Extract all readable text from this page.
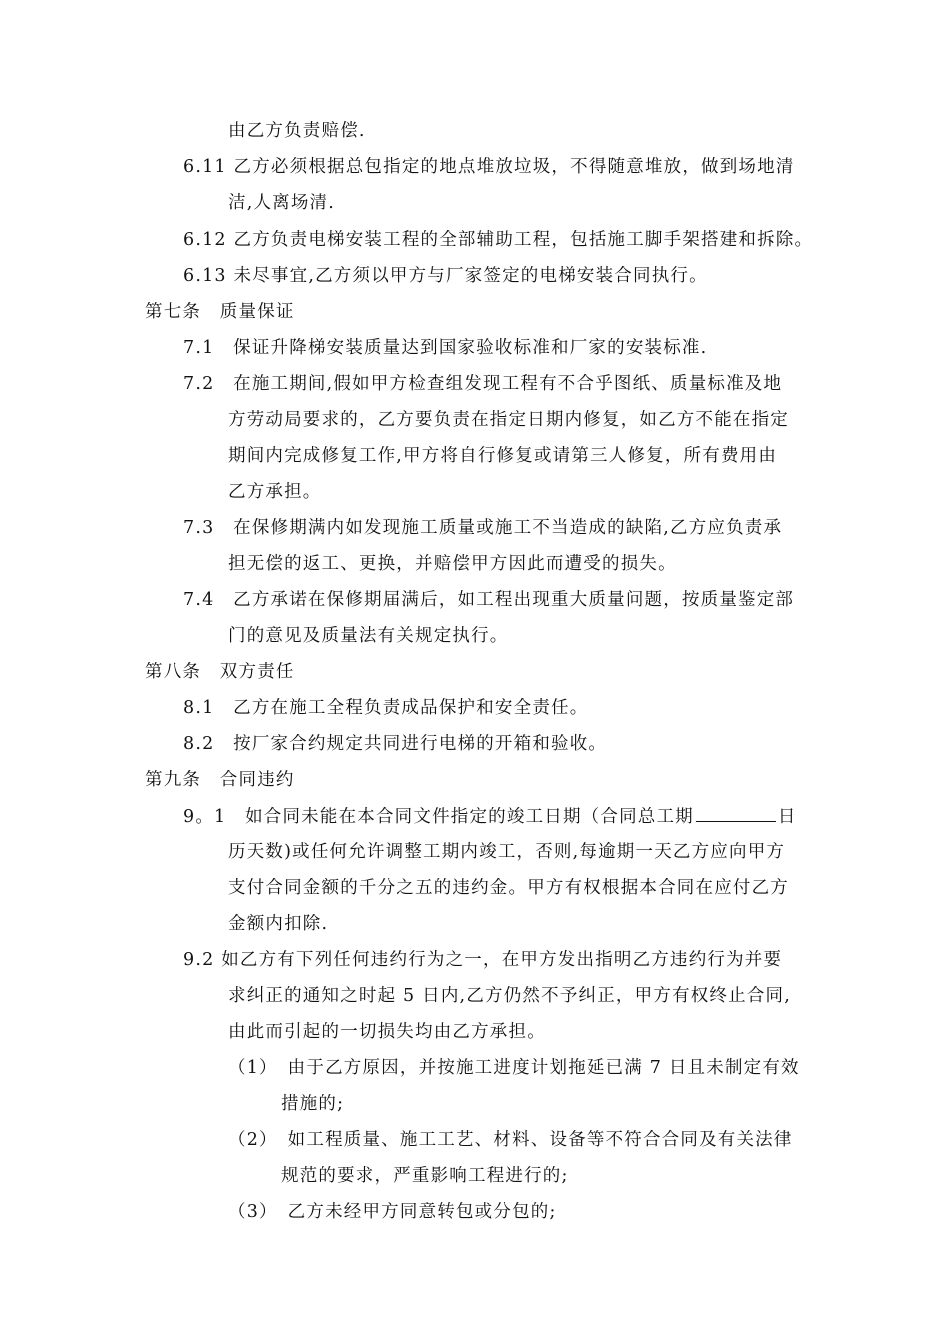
由乙方负责赔偿.
6.11 乙方必须根据总包指定的地点堆放垃圾，不得随意堆放，做到场地清
洁,人离场清.
6.12 乙方负责电梯安装工程的全部辅助工程，包括施工脚手架搭建和拆除。
6.13 未尽事宜,乙方须以甲方与厂家签定的电梯安装合同执行。
第七条　质量保证
7.1　保证升降梯安装质量达到国家验收标准和厂家的安装标准.
7.2　在施工期间,假如甲方检查组发现工程有不合乎图纸、质量标准及地
方劳动局要求的，乙方要负责在指定日期内修复，如乙方不能在指定
期间内完成修复工作,甲方将自行修复或请第三人修复，所有费用由
乙方承担。
7.3　在保修期满内如发现施工质量或施工不当造成的缺陷,乙方应负责承
担无偿的返工、更换，并赔偿甲方因此而遭受的损失。
7.4　乙方承诺在保修期届满后，如工程出现重大质量问题，按质量鉴定部
门的意见及质量法有关规定执行。
第八条　双方责任
8.1　乙方在施工全程负责成品保护和安全责任。
8.2　按厂家合约规定共同进行电梯的开箱和验收。
第九条　合同违约
9。1　如合同未能在本合同文件指定的竣工日期（合同总工期	日
历天数)或任何允许调整工期内竣工，否则,每逾期一天乙方应向甲方
支付合同金额的千分之五的违约金。甲方有权根据本合同在应付乙方
金额内扣除.
9.2 如乙方有下列任何违约行为之一，在甲方发出指明乙方违约行为并要
求纠正的通知之时起 5 日内,乙方仍然不予纠正，甲方有权终止合同,
由此而引起的一切损失均由乙方承担。
（1）　由于乙方原因，并按施工进度计划拖延已满 7 日且未制定有效
措施的;
（2）　如工程质量、施工工艺、材料、设备等不符合合同及有关法律
规范的要求，严重影响工程进行的;
（3）　乙方未经甲方同意转包或分包的;
